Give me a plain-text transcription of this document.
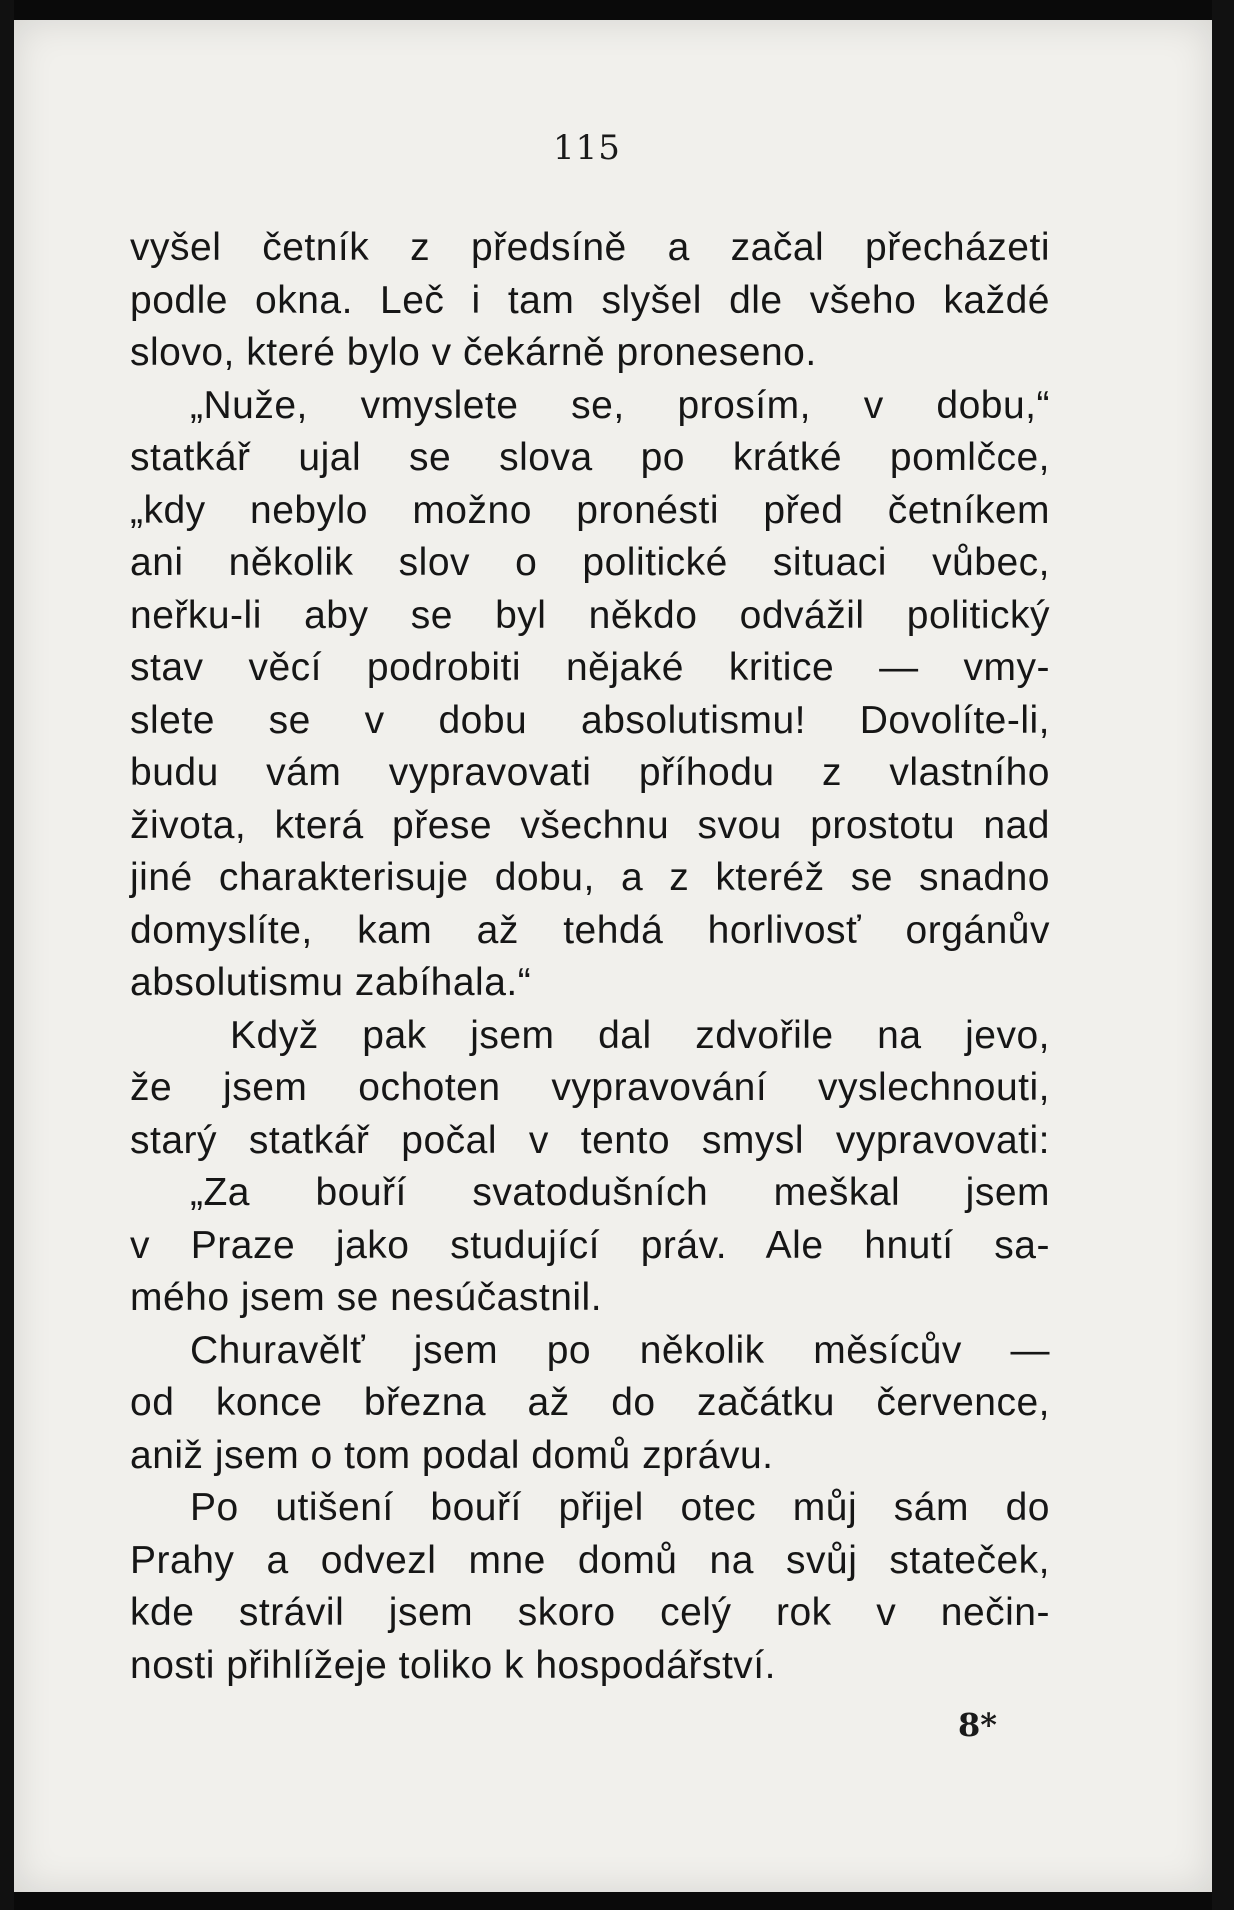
115
vyšel četník z předsíně a začal přecházeti
podle okna. Leč i tam slyšel dle všeho každé
slovo, které bylo v čekárně proneseno.
„Nuže, vmyslete se, prosím, v dobu,“
statkář ujal se slova po krátké pomlčce,
„kdy nebylo možno pronésti před četníkem
ani několik slov o politické situaci vůbec,
neřku-li aby se byl někdo odvážil politický
stav věcí podrobiti nějaké kritice — vmy-
slete se v dobu absolutismu! Dovolíte-li,
budu vám vypravovati příhodu z vlastního
života, která přese všechnu svou prostotu nad
jiné charakterisuje dobu, a z kteréž se snadno
domyslíte, kam až tehdá horlivosť orgánův
absolutismu zabíhala.“
Když pak jsem dal zdvořile na jevo,
že jsem ochoten vypravování vyslechnouti,
starý statkář počal v tento smysl vypravovati:
„Za bouří svatodušních meškal jsem
v Praze jako studující práv. Ale hnutí sa-
mého jsem se nesúčastnil.
Churavělť jsem po několik měsícův —
od konce března až do začátku července,
aniž jsem o tom podal domů zprávu.
Po utišení bouří přijel otec můj sám do
Prahy a odvezl mne domů na svůj stateček,
kde strávil jsem skoro celý rok v nečin-
nosti přihlížeje toliko k hospodářství.
8*
